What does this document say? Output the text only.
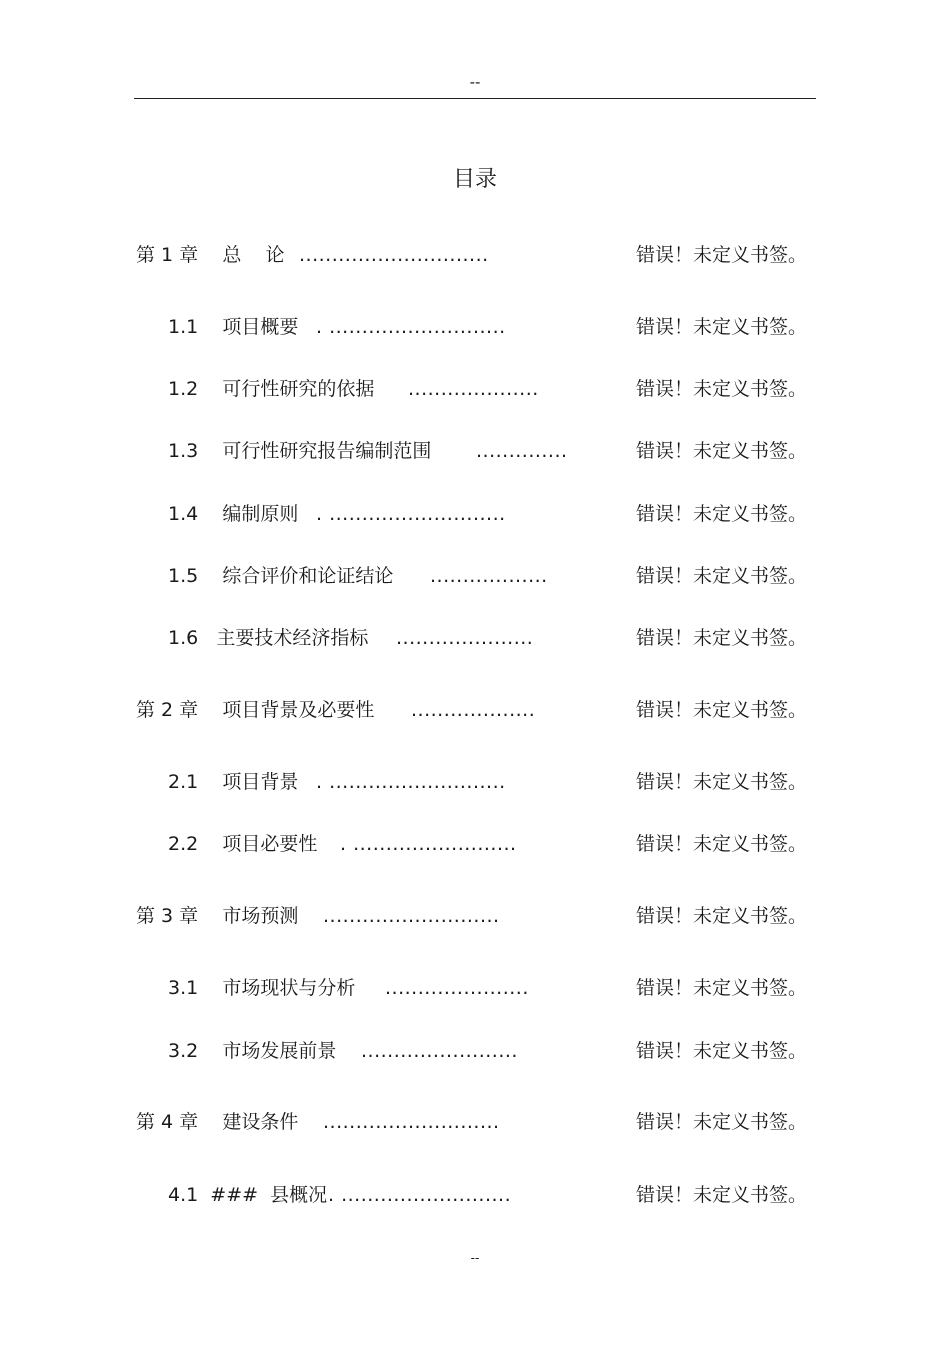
--
目录
第 1 章    总    论 .............................	错误！未定义书签。
1.1    项目概要 . ...........................	错误！未定义书签。
1.2    可行性研究的依据 ....................	错误！未定义书签。
1.3    可行性研究报告编制范围 ..............	错误！未定义书签。
1.4    编制原则 . ...........................	错误！未定义书签。
1.5    综合评价和论证结论 ..................	错误！未定义书签。
1.6   主要技术经济指标 .....................	错误！未定义书签。
第 2 章    项目背景及必要性 ...................	错误！未定义书签。
2.1    项目背景 . ...........................	错误！未定义书签。
2.2    项目必要性 . .........................	错误！未定义书签。
第 3 章    市场预测 ...........................	错误！未定义书签。
3.1    市场现状与分析 ......................	错误！未定义书签。
3.2    市场发展前景 ........................	错误！未定义书签。
第 4 章    建设条件 ...........................	错误！未定义书签。
4.1  ###  县概况 . ..........................	错误！未定义书签。
--
